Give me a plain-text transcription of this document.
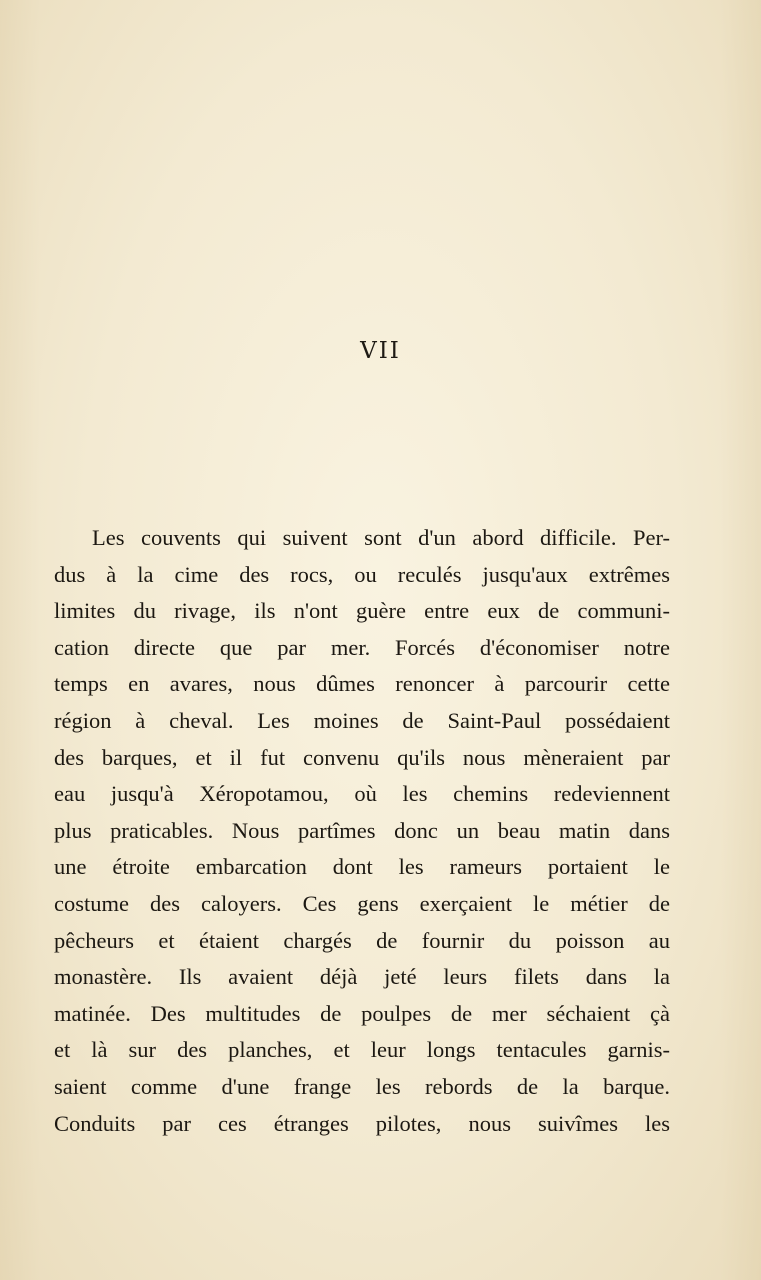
VII
Les couvents qui suivent sont d'un abord difficile. Per-
dus à la cime des rocs, ou reculés jusqu'aux extrêmes
limites du rivage, ils n'ont guère entre eux de communi-
cation directe que par mer. Forcés d'économiser notre
temps en avares, nous dûmes renoncer à parcourir cette
région à cheval. Les moines de Saint-Paul possédaient
des barques, et il fut convenu qu'ils nous mèneraient par
eau jusqu'à Xéropotamou, où les chemins redeviennent
plus praticables. Nous partîmes donc un beau matin dans
une étroite embarcation dont les rameurs portaient le
costume des caloyers. Ces gens exerçaient le métier de
pêcheurs et étaient chargés de fournir du poisson au
monastère. Ils avaient déjà jeté leurs filets dans la
matinée. Des multitudes de poulpes de mer séchaient çà
et là sur des planches, et leur longs tentacules garnis-
saient comme d'une frange les rebords de la barque.
Conduits par ces étranges pilotes, nous suivîmes les
